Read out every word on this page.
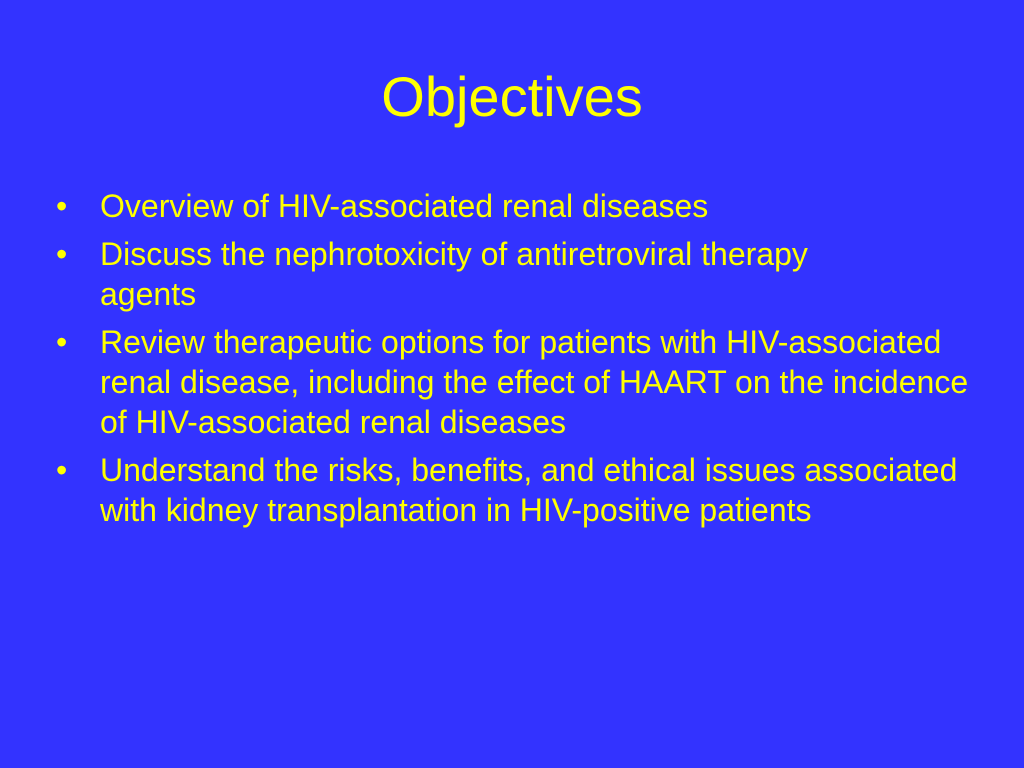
Objectives
•	Overview of HIV-associated renal diseases
•	Discuss the nephrotoxicity of antiretroviral therapy agents
•	Review therapeutic options for patients with HIV-associated renal disease, including the effect of HAART on the incidence of HIV-associated renal diseases
•	Understand the risks, benefits, and ethical issues associated with kidney transplantation in HIV-positive patients
